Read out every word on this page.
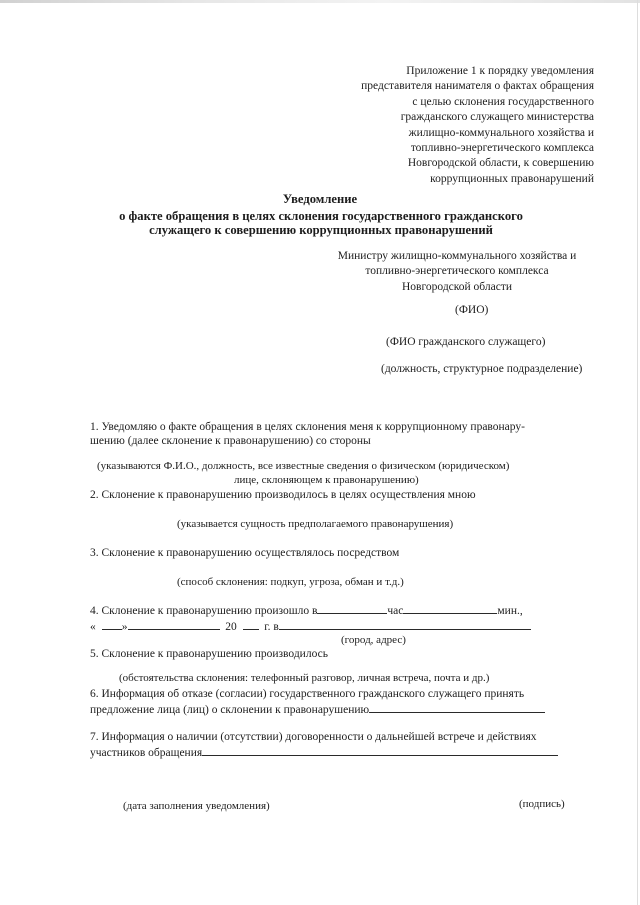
Приложение 1 к порядку уведомления
представителя нанимателя о фактах обращения
с целью склонения государственного
гражданского служащего министерства
жилищно-коммунального хозяйства и
топливно-энергетического комплекса
Новгородской области, к совершению
коррупционных правонарушений
Уведомление
о факте обращения в целях склонения государственного гражданского
служащего к совершению коррупционных правонарушений
Министру жилищно-коммунального хозяйства и
топливно-энергетического комплекса
Новгородской области
(ФИО)
(ФИО гражданского служащего)
(должность, структурное подразделение)
1. Уведомляю о факте обращения в целях склонения меня к коррупционному правонару-
шению (далее склонение к правонарушению) со стороны
(указываются Ф.И.О., должность, все известные сведения о физическом (юридическом)
лице, склоняющем к правонарушению)
2. Склонение к правонарушению производилось в целях осуществления мною
(указывается сущность предполагаемого правонарушения)
3. Склонение к правонарушению осуществлялось посредством
(способ склонения: подкуп, угроза, обман и т.д.)
4. Склонение к правонарушению произошло в	час	мин.,
« »	20 г. в
(город, адрес)
5. Склонение к правонарушению производилось
(обстоятельства склонения: телефонный разговор, личная встреча, почта и др.)
6. Информация об отказе (согласии) государственного гражданского служащего принять
предложение лица (лиц) о склонении к правонарушению
7. Информация о наличии (отсутствии) договоренности о дальнейшей встрече и действиях
участников обращения
(дата заполнения уведомления)	(подпись)
